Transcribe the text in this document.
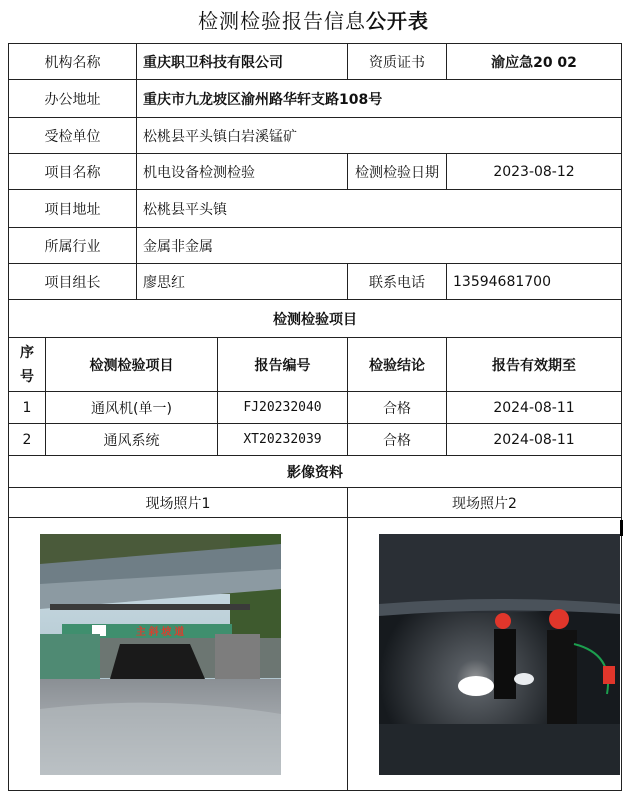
检测检验报告信息公开表
机构名称		重庆职卫科技有限公司		资质证书	渝应急20 02
办公地址		重庆市九龙坡区渝州路华轩支路108号			
受检单位		松桃县平头镇白岩溪锰矿			
项目名称		机电设备检测检验		检测检验日期	2023-08-12
项目地址		松桃县平头镇			
所属行业		金属非金属			
项目组长		廖思红		联系电话	13594681700
检测检验项目					
序号	检测检验项目		报告编号	检验结论	报告有效期至
1	通风机(单一)		FJ20232040	合格	2024-08-11
2	通风系统		XT20232039	合格	2024-08-11
影像资料					
现场照片1				现场照片2	

主 斜 坡 道
